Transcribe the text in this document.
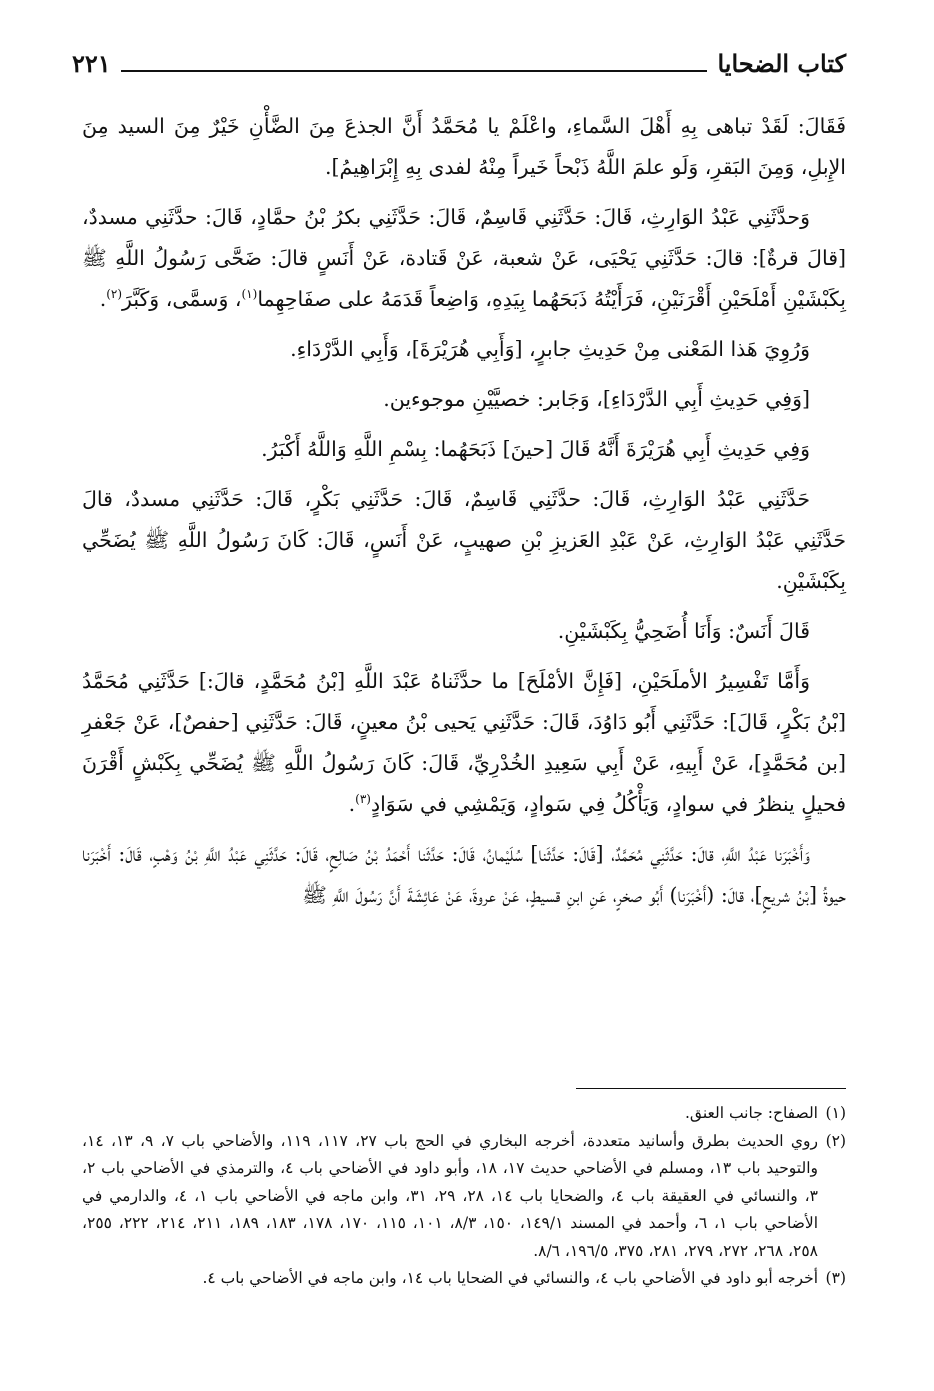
كتاب الضحايا
٢٢١

فَقَالَ: لَقَدْ تباهى بِهِ أَهْلَ السَّماءِ، واعْلَمْ يا مُحَمَّدُ أَنَّ الجذعَ مِنَ الضَّأْنِ خَيْرٌ مِنَ السيد مِنَ الإِبلِ، وَمِنَ البَقرِ، وَلَو علمَ اللَّهُ ذَبْحاً خَيراً مِنْهُ لفدى بِهِ إِبْرَاهِيمُ].

وَحدَّثَنِي عَبْدُ الوَارِثِ، قَالَ: حَدَّثَنِي قَاسِمٌ، قَالَ: حَدَّثَنِي بكرُ بْنُ حمَّادٍ، قَالَ: حدَّثَنِي مسددٌ، [قالَ قرةٌ]: قالَ: حَدَّثَنِي يَحْيَى، عَنْ شعبة، عَنْ قَتادة، عَنْ أَنَسٍ قالَ: ضَحَّى رَسُولُ اللَّهِ ﷺ بِكَبْشَيْنِ أَمْلَحَيْنِ أَقْرَنَيْنِ، فَرَأَيْتُهُ ذَبَحَهُما بِيَدِهِ، وَاضِعاً قَدَمَهُ على صفَاحِهِما$^{(١)}$، وَسمَّى، وَكَبَّرَ$^{(٢)}$.

وَرُوِيَ هَذا المَعْنى مِنْ حَدِيثِ جابرٍ، [وَأَبِي هُرَيْرَةَ]، وَأَبِي الدَّرْدَاءِ.

[وَفِي حَدِيثِ أَبِي الدَّرْدَاءِ]، وَجَابر: خصيَّيْنِ موجوءين.

وَفِي حَدِيثِ أَبِي هُرَيْرَةَ أَنَّهُ قَالَ [حينَ] ذَبَحَهُما: بِسْمِ اللَّهِ وَاللَّهُ أَكْبَرُ.

حَدَّثَنِي عَبْدُ الوَارِثِ، قَالَ: حدَّثَنِي قَاسِمٌ، قَالَ: حَدَّثَنِي بَكْرٍ، قَالَ: حَدَّثَنِي مسددٌ، قالَ حَدَّثَنِي عَبْدُ الوَارِثِ، عَنْ عَبْدِ العَزيزِ بْنِ صهيبٍ، عَنْ أَنَسٍ، قَالَ: كَانَ رَسُولُ اللَّهِ ﷺ يُضَحِّي بِكَبْشَيْنِ.

قَالَ أَنَسٌ: وَأَنَا أُضَحِيُّ بِكَبْشَيْنِ.

وَأَمَّا تَفْسِيرُ الأملَحَيْنِ، [فَإِنَّ الأمْلَحَ] ما حدَّثَناهُ عَبْدَ اللَّهِ [بْنُ مُحَمَّدٍ، قالَ:] حَدَّثَنِي مُحَمَّدُ [بْنُ بَكْرٍ، قَالَ]: حَدَّثَنِي أَبُو دَاوُدَ، قَالَ: حَدَّثَنِي يَحيى بْنُ معينٍ، قَالَ: حَدَّثَنِي [حفصٌ]، عَنْ جَعْفرِ [بن مُحَمَّدٍ]، عَنْ أَبِيهِ، عَنْ أَبِي سَعِيدِ الخُدْرِيِّ، قَالَ: كَانَ رَسُولُ اللَّهِ ﷺ يُضَحِّي بِكَبْشٍ أَقْرَنَ فحيلٍ ينظرُ في سوادٍ، وَيَأْكُلُ فِي سَوادٍ، وَيَمْشِي في سَوَادٍ$^{(٣)}$.

وَأَخْبَرَنا عَبْدُ اللَّهِ، قالَ: حَدَّثَنِي مُحَمَّدٌ، [قَالَ: حَدَّثَنا] سُلَيْمانُ، قَالَ: حَدَّثَنا أَحْمَدُ بْنُ صَالِحٍ، قَالَ: حَدَّثَنِي عَبْدُ اللَّهِ بْنُ وَهْبٍ، قَالَ: أَخْبَرَنا حيوةُ [بْنُ شريحٍ]، قالَ: (أَخْبَرَنا) أَبُو صخرٍ، عَنِ ابنِ قسيطٍ، عَنْ عروةَ، عَنْ عَائِشَةَ أَنَّ رَسُولَ اللَّهِ ﷺ

(١)الصفاح: جانب العنق.

(٢)روي الحديث بطرق وأسانيد متعددة، أخرجه البخاري في الحج باب ٢٧، ١١٧، ١١٩، والأضاحي باب ٧، ٩، ١٣، ١٤، والتوحيد باب ١٣، ومسلم في الأضاحي حديث ١٧، ١٨، وأبو داود في الأضاحي باب ٤، والترمذي في الأضاحي باب ٢، ٣، والنسائي في العقيقة باب ٤، والضحايا باب ١٤، ٢٨، ٢٩، ٣١، وابن ماجه في الأضاحي باب ١، ٤، والدارمي في الأضاحي باب ١، ٦، وأحمد في المسند ١٤٩/١، ١٥٠، ٨/٣، ١٠١، ١١٥، ١٧٠، ١٧٨، ١٨٣، ١٨٩، ٢١١، ٢١٤، ٢٢٢، ٢٥٥، ٢٥٨، ٢٦٨، ٢٧٢، ٢٧٩، ٢٨١، ٣٧٥، ١٩٦/٥، ٨/٦.

(٣)أخرجه أبو داود في الأضاحي باب ٤، والنسائي في الضحايا باب ١٤، وابن ماجه في الأضاحي باب ٤.
